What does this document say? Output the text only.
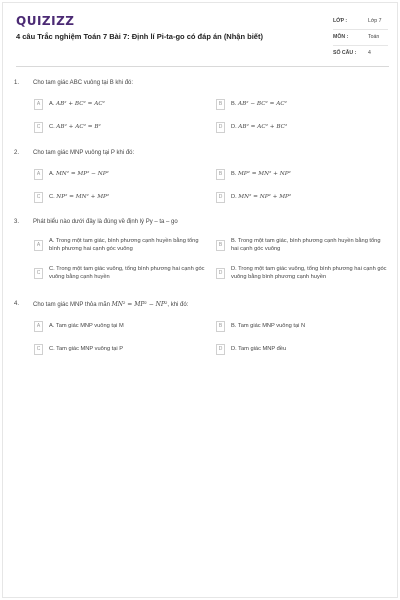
QUIZIZZ
4 câu Trắc nghiệm Toán 7 Bài 7: Định lí Pi-ta-go có đáp án (Nhận biết)
LỚP :	Lớp 7
MÔN :	Toán
SỐ CÂU : 4
1. Cho tam giác ABC vuông tại B khi đó:
A	A. AB² + BC² = AC²	B	B. AB² − BC² = AC²
C	C. AB² + AC² = B²	D	D. AB² = AC² + BC²
2. Cho tam giác MNP vuông tại P khi đó:
A	A. MN² = MP² − NP²	B	B. MP² = MN² + NP²
C	C. NP² = MN² + MP²	D	D. MN² = NP² + MP²
3. Phát biểu nào dưới đây là đúng về định lý Py – ta – go
A
A. Trong một tam giác, bình phương cạnh huyền bằng tổng bình phương hai cạnh góc vuông
B
B. Trong một tam giác, bình phương cạnh huyền bằng tổng hai cạnh góc vuông
C
C. Trong một tam giác vuông, tổng bình phương hai cạnh góc vuông bằng cạnh huyền
D
D. Trong một tam giác vuông, tổng bình phương hai cạnh góc vuông bằng bình phương cạnh huyền
4. Cho tam giác MNP thỏa mãn MN² = MP² − NP², khi đó:
A	A. Tam giác MNP vuông tại M	B	B. Tam giác MNP vuông tại N
C	C. Tam giác MNP vuông tại P	D	D. Tam giác MNP đều
